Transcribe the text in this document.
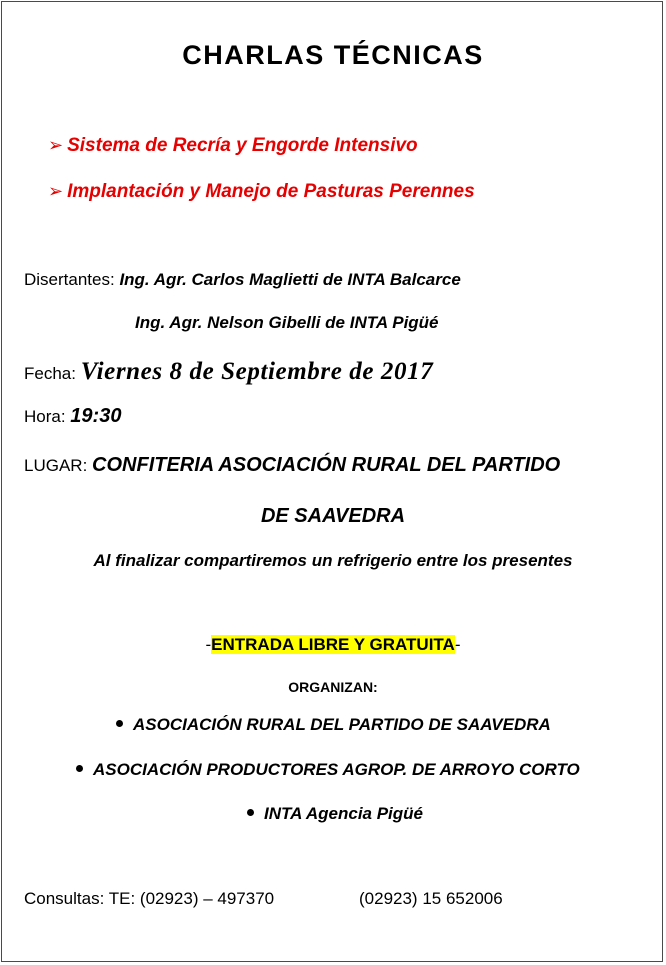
CHARLAS TÉCNICAS
➢ Sistema de Recría y Engorde Intensivo
➢ Implantación y Manejo de Pasturas Perennes
Disertantes: Ing. Agr. Carlos Maglietti de INTA Balcarce
Ing. Agr. Nelson Gibelli de INTA Pigüé
Fecha: Viernes 8 de Septiembre de 2017
Hora: 19:30
LUGAR: CONFITERIA ASOCIACIÓN RURAL DEL PARTIDO
DE SAAVEDRA
Al finalizar compartiremos un refrigerio entre los presentes
-ENTRADA LIBRE Y GRATUITA-
ORGANIZAN:
ASOCIACIÓN RURAL DEL PARTIDO DE SAAVEDRA
ASOCIACIÓN PRODUCTORES AGROP. DE ARROYO CORTO
INTA Agencia Pigüé
Consultas: TE: (02923) – 497370	(02923) 15 652006
